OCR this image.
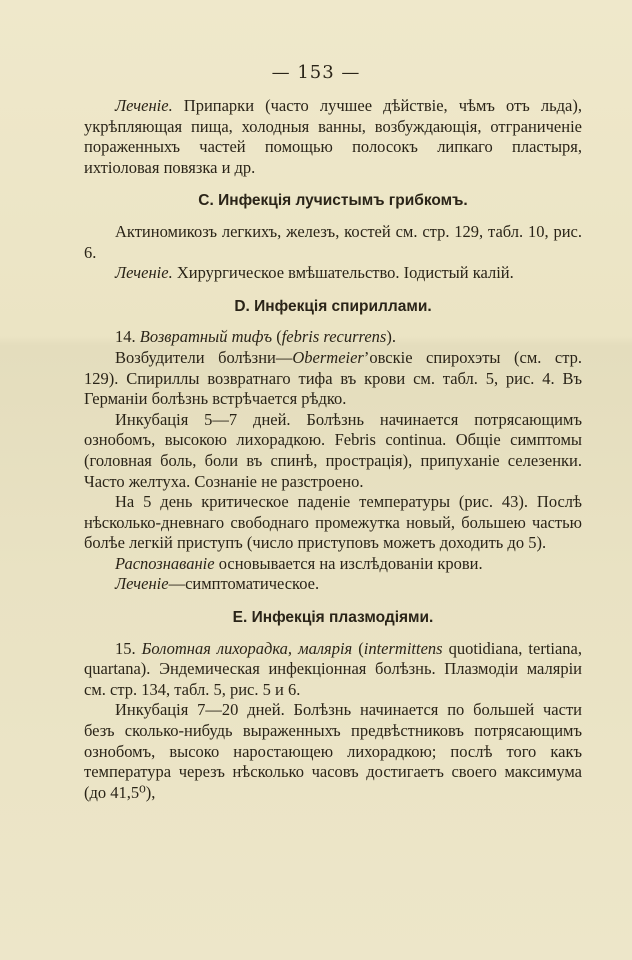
— 153 —

Леченіе. Припарки (часто лучшее дѣйствіе, чѣмъ отъ льда), укрѣпляющая пища, холодныя ванны, возбуждающія, отграниченіе пораженныхъ частей помощью полосокъ липкаго пластыря, ихтіоловая повязка и др.

C. Инфекція лучистымъ грибкомъ.

Актиномикозъ легкихъ, железъ, костей см. стр. 129, табл. 10, рис. 6.

Леченіе. Хирургическое вмѣшательство. Іодистый калій.

D. Инфекція спириллами.

14. Возвратный тифъ (febris recurrens).

Возбудители болѣзни—Obermeier’овскіе спирохэты (см. стр. 129). Спириллы возвратнаго тифа въ крови см. табл. 5, рис. 4. Въ Германіи болѣзнь встрѣчается рѣдко.

Инкубація 5—7 дней. Болѣзнь начинается потрясающимъ ознобомъ, высокою лихорадкою. Febris continua. Общіе симптомы (головная боль, боли въ спинѣ, прострація), припуханіе селезенки. Часто желтуха. Сознаніе не разстроено.

На 5 день критическое паденіе температуры (рис. 43). Послѣ нѣсколько-дневнаго свободнаго промежутка новый, большею частью болѣе легкій приступъ (число приступовъ можетъ доходить до 5).

Распознаваніе основывается на изслѣдованіи крови.

Леченіе—симптоматическое.

E. Инфекція плазмодіями.

15. Болотная лихорадка, малярія (intermittens quotidiana, tertiana, quartana). Эндемическая инфекціонная болѣзнь. Плазмодіи маляріи см. стр. 134, табл. 5, рис. 5 и 6.

Инкубація 7—20 дней. Болѣзнь начинается по большей части безъ сколько-нибудь выраженныхъ предвѣстниковъ потрясающимъ ознобомъ, высоко наростающею лихорадкою; послѣ того какъ температура черезъ нѣсколько часовъ достигаетъ своего максимума (до 41,5⁰),
